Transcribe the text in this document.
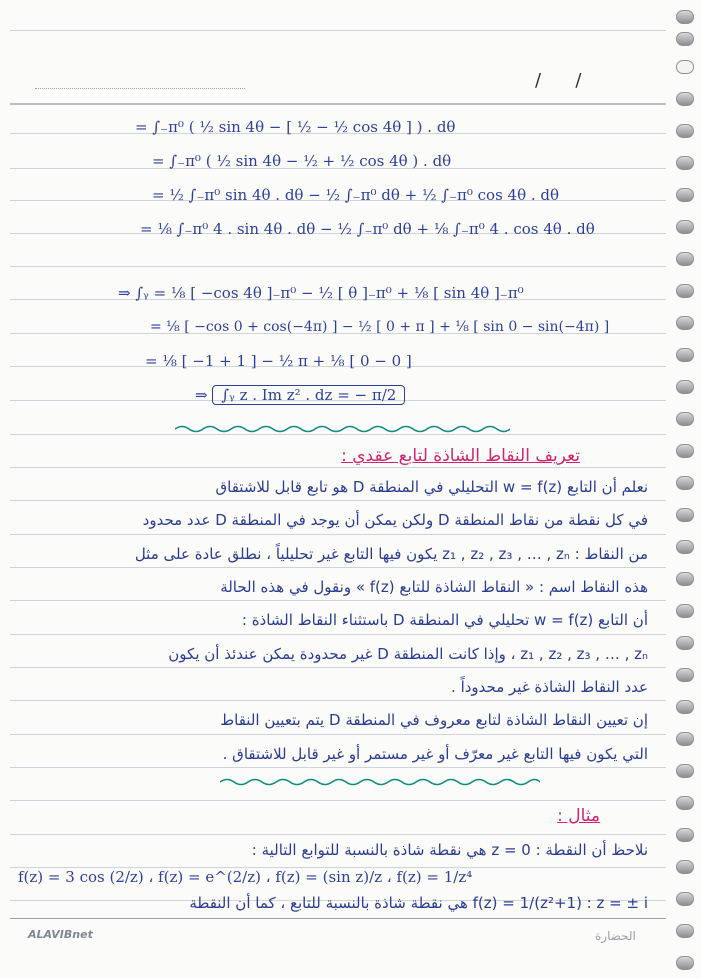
/      /
= ∫₋π⁰ ( ½ sin 4θ − [ ½ − ½ cos 4θ ] ) . dθ
= ∫₋π⁰ ( ½ sin 4θ − ½ + ½ cos 4θ ) . dθ
= ½ ∫₋π⁰ sin 4θ . dθ − ½ ∫₋π⁰ dθ + ½ ∫₋π⁰ cos 4θ . dθ
= ⅛ ∫₋π⁰ 4 . sin 4θ . dθ − ½ ∫₋π⁰ dθ + ⅛ ∫₋π⁰ 4 . cos 4θ . dθ
⇒ ∫ᵧ = ⅛ [ −cos 4θ ]₋π⁰ − ½ [ θ ]₋π⁰ + ⅛ [ sin 4θ ]₋π⁰
= ⅛ [ −cos 0 + cos(−4π) ] − ½ [ 0 + π ] + ⅛ [ sin 0 − sin(−4π) ]
= ⅛ [ −1 + 1 ] − ½ π + ⅛ [ 0 − 0 ]
⇒ ∫ᵧ z . Im z² . dz = − π/2
تعريف النقاط الشاذة لتابع عقدي :
نعلم أن التابع w = f(z) التحليلي في المنطقة D هو تابع قابل للاشتقاق
في كل نقطة من نقاط المنطقة D ولكن يمكن أن يوجد في المنطقة D عدد محدود
من النقاط : z₁ , z₂ , z₃ , … , zₙ يكون فيها التابع غير تحليلياً ، نطلق عادة على مثل
هذه النقاط اسم : « النقاط الشاذة للتابع f(z) » ونقول في هذه الحالة
أن التابع w = f(z) تحليلي في المنطقة D باستثناء النقاط الشاذة :
z₁ , z₂ , z₃ , … , zₙ ، وإذا كانت المنطقة D غير محدودة يمكن عندئذ أن يكون
عدد النقاط الشاذة غير محدوداً .
إن تعيين النقاط الشاذة لتابع معروف في المنطقة D يتم بتعيين النقاط
التي يكون فيها التابع غير معرّف أو غير مستمر أو غير قابل للاشتقاق .
مثال :
نلاحظ أن النقطة : z = 0 هي نقطة شاذة بالنسبة للتوابع التالية :
f(z) = 3 cos (2/z) ، f(z) = e^(2/z) ، f(z) = (sin z)/z ، f(z) = 1/z⁴
f(z) = 1/(z²+1) : z = ± i هي نقطة شاذة بالنسبة للتابع ، كما أن النقطة
ALAVIBnet	الحضارة
